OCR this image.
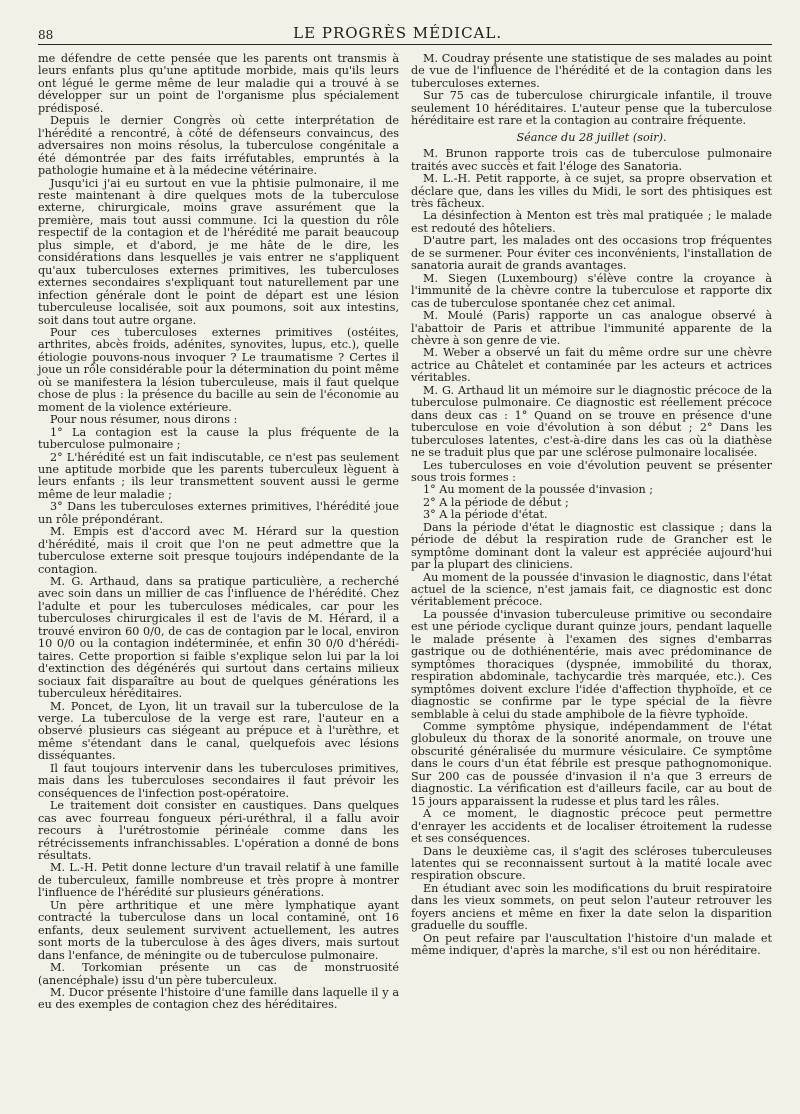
88	LE PROGRÈS MÉDICAL.

me défendre de cette pensée que les parents ont transmis à leurs enfants plus qu'une aptitude morbide, mais qu'ils leurs ont légué le germe même de leur maladie qui a trouvé à se développer sur un point de l'organisme plus spécialement prédisposé.

Depuis le dernier Congrès où cette interprétation de l'hérédité a rencontré, à côté de défenseurs convaincus, des adversaires non moins résolus, la tuberculose congénitale a été démontrée par des faits irréfutables, empruntés à la pathologie humaine et à la médecine vétérinaire.

Jusqu'ici j'ai eu surtout en vue la phtisie pulmonaire, il me reste maintenant à dire quelques mots de la tuberculose externe, chirurgicale, moins grave assurément que la première, mais tout aussi commune. Ici la question du rôle respectif de la contagion et de l'hérédité me parait beaucoup plus simple, et d'abord, je me hâte de le dire, les considérations dans lesquelles je vais entrer ne s'appliquent qu'aux tuberculoses externes primitives, les tuberculoses externes secondaires s'expliquant tout naturellement par une infection générale dont le point de départ est une lésion tuberculeuse localisée, soit aux poumons, soit aux intestins, soit dans tout autre organe.

Pour ces tuberculoses externes primitives (ostéites, arthrites, abcès froids, adénites, synovites, lupus, etc.), quelle étiologie pouvons-nous invoquer ? Le traumatisme ? Certes il joue un rôle considérable pour la détermination du point même où se manifestera la lésion tuberculeuse, mais il faut quelque chose de plus : la présence du bacille au sein de l'économie au moment de la violence extérieure.

Pour nous résumer, nous dirons :

1° La contagion est la cause la plus fréquente de la tuberculose pulmonaire ;

2° L'hérédité est un fait indiscutable, ce n'est pas seulement une aptitude morbide que les parents tuberculeux lèguent à leurs enfants ; ils leur transmettent souvent aussi le germe même de leur maladie ;

3° Dans les tuberculoses externes primitives, l'hérédité joue un rôle prépondérant.

M. Empis est d'accord avec M. Hérard sur la question d'hérédité, mais il croit que l'on ne peut admettre que la tuberculose externe soit presque toujours indépendante de la contagion.

M. G. Arthaud, dans sa pratique particulière, a recherché avec soin dans un millier de cas l'influence de l'hérédité. Chez l'adulte et pour les tuberculoses médicales, car pour les tuberculoses chirurgicales il est de l'avis de M. Hérard, il a trouvé environ 60 0/0, de cas de contagion par le local, environ 10 0/0 ou la contagion indéterminée, et enfin 30 0/0 d'hérédi-taires. Cette proportion si faible s'explique selon lui par la loi d'extinction des dégénérés qui surtout dans certains milieux sociaux fait disparaître au bout de quelques générations les tuberculeux héréditaires.

M. Poncet, de Lyon, lit un travail sur la tuberculose de la verge. La tuberculose de la verge est rare, l'auteur en a observé plusieurs cas siégeant au prépuce et à l'urèthre, et même s'étendant dans le canal, quelquefois avec lésions disséquantes.

Il faut toujours intervenir dans les tuberculoses primitives, mais dans les tuberculoses secondaires il faut prévoir les conséquences de l'infection post-opératoire.

Le traitement doit consister en caustiques. Dans quelques cas avec fourreau fongueux péri-uréthral, il a fallu avoir recours à l'urétrostomie périnéale comme dans les rétrécissements infranchissables. L'opération a donné de bons résultats.

M. L.-H. Petit donne lecture d'un travail relatif à une famille de tuberculeux, famille nombreuse et très propre à montrer l'influence de l'hérédité sur plusieurs générations.

Un père arthritique et une mère lymphatique ayant contracté la tuberculose dans un local contaminé, ont 16 enfants, deux seulement survivent actuellement, les autres sont morts de la tuberculose à des âges divers, mais surtout dans l'enfance, de méningite ou de tuberculose pulmonaire.

M. Torkomian présente un cas de monstruosité (anencéphale) issu d'un père tuberculeux.

M. Ducor présente l'histoire d'une famille dans laquelle il y a eu des exemples de contagion chez des héréditaires.

M. Coudray présente une statistique de ses malades au point de vue de l'influence de l'hérédité et de la contagion dans les tuberculoses externes.

Sur 75 cas de tuberculose chirurgicale infantile, il trouve seulement 10 héréditaires. L'auteur pense que la tuberculose héréditaire est rare et la contagion au contraire fréquente.

Séance du 28 juillet (soir).

M. Brunon rapporte trois cas de tuberculose pulmonaire traités avec succès et fait l'éloge des Sanatoria.

M. L.-H. Petit rapporte, à ce sujet, sa propre observation et déclare que, dans les villes du Midi, le sort des phtisiques est très fâcheux.

La désinfection à Menton est très mal pratiquée ; le malade est redouté des hôteliers.

D'autre part, les malades ont des occasions trop fréquentes de se surmener. Pour éviter ces inconvénients, l'installation de sanatoria aurait de grands avantages.

M. Siegen (Luxembourg) s'élève contre la croyance à l'immunité de la chèvre contre la tuberculose et rapporte dix cas de tuberculose spontanée chez cet animal.

M. Moulé (Paris) rapporte un cas analogue observé à l'abattoir de Paris et attribue l'immunité apparente de la chèvre à son genre de vie.

M. Weber a observé un fait du même ordre sur une chèvre actrice au Châtelet et contaminée par les acteurs et actrices véritables.

M. G. Arthaud lit un mémoire sur le diagnostic précoce de la tuberculose pulmonaire. Ce diagnostic est réellement précoce dans deux cas : 1° Quand on se trouve en présence d'une tuberculose en voie d'évolution à son début ; 2° Dans les tuberculoses latentes, c'est-à-dire dans les cas où la diathèse ne se traduit plus que par une sclérose pulmonaire localisée.

Les tuberculoses en voie d'évolution peuvent se présenter sous trois formes :

1° Au moment de la poussée d'invasion ;

2° A la période de début ;

3° A la période d'état.

Dans la période d'état le diagnostic est classique ; dans la période de début la respiration rude de Grancher est le symptôme dominant dont la valeur est appréciée aujourd'hui par la plupart des cliniciens.

Au moment de la poussée d'invasion le diagnostic, dans l'état actuel de la science, n'est jamais fait, ce diagnostic est donc véritablement précoce.

La poussée d'invasion tuberculeuse primitive ou secondaire est une période cyclique durant quinze jours, pendant laquelle le malade présente à l'examen des signes d'embarras gastrique ou de dothiénentérie, mais avec prédominance de symptômes thoraciques (dyspnée, immobilité du thorax, respiration abdominale, tachycardie très marquée, etc.). Ces symptômes doivent exclure l'idée d'affection thyphoïde, et ce diagnostic se confirme par le type spécial de la fièvre semblable à celui du stade amphibole de la fièvre typhoïde.

Comme symptôme physique, indépendamment de l'état globuleux du thorax de la sonorité anormale, on trouve une obscurité généralisée du murmure vésiculaire. Ce symptôme dans le cours d'un état fébrile est presque pathognomonique. Sur 200 cas de poussée d'invasion il n'a que 3 erreurs de diagnostic. La vérification est d'ailleurs facile, car au bout de 15 jours apparaissent la rudesse et plus tard les râles.

A ce moment, le diagnostic précoce peut permettre d'enrayer les accidents et de localiser étroitement la rudesse et ses conséquences.

Dans le deuxième cas, il s'agit des scléroses tuberculeuses latentes qui se reconnaissent surtout à la matité locale avec respiration obscure.

En étudiant avec soin les modifications du bruit respiratoire dans les vieux sommets, on peut selon l'auteur retrouver les foyers anciens et même en fixer la date selon la disparition graduelle du souffle.

On peut refaire par l'auscultation l'histoire d'un malade et même indiquer, d'après la marche, s'il est ou non héréditaire.
